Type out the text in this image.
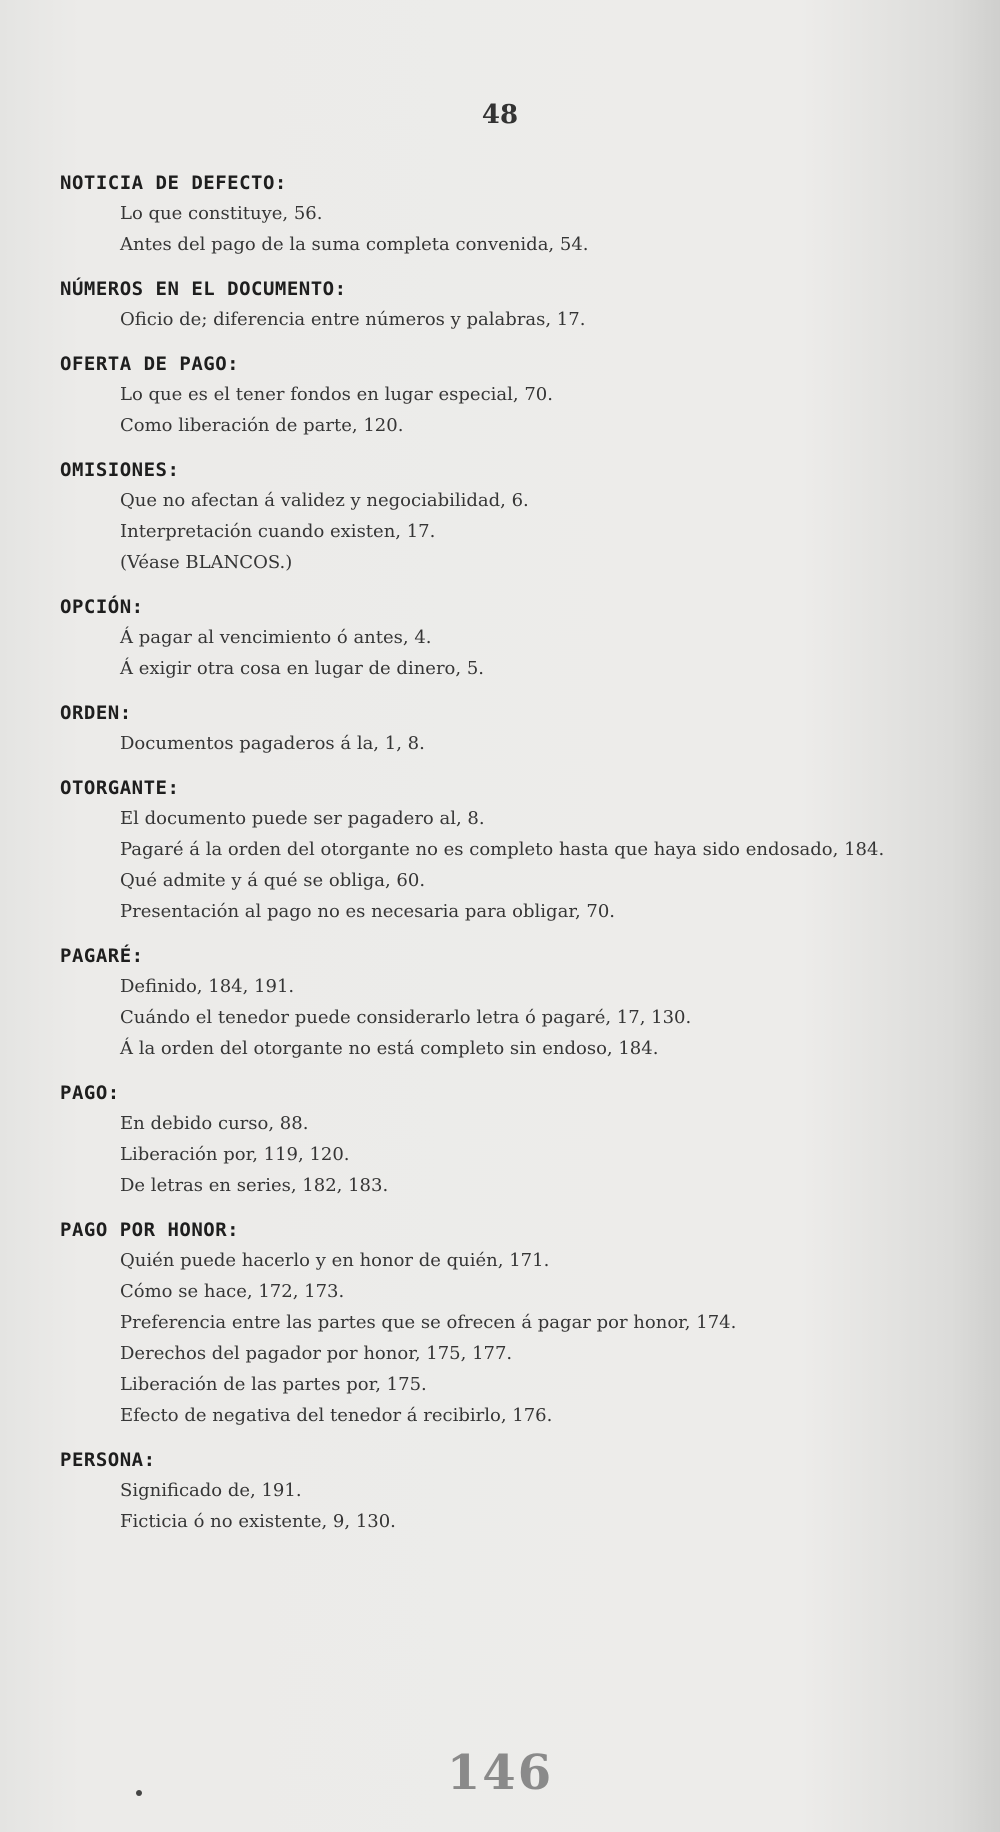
48
NOTICIA DE DEFECTO:
Lo que constituye, 56.
Antes del pago de la suma completa convenida, 54.
NÚMEROS EN EL DOCUMENTO:
Oficio de; diferencia entre números y palabras, 17.
OFERTA DE PAGO:
Lo que es el tener fondos en lugar especial, 70.
Como liberación de parte, 120.
OMISIONES:
Que no afectan á validez y negociabilidad, 6.
Interpretación cuando existen, 17.
(Véase BLANCOS.)
OPCIÓN:
Á pagar al vencimiento ó antes, 4.
Á exigir otra cosa en lugar de dinero, 5.
ORDEN:
Documentos pagaderos á la, 1, 8.
OTORGANTE:
El documento puede ser pagadero al, 8.
Pagaré á la orden del otorgante no es completo hasta que haya sido endosado, 184.
Qué admite y á qué se obliga, 60.
Presentación al pago no es necesaria para obligar, 70.
PAGARÉ:
Definido, 184, 191.
Cuándo el tenedor puede considerarlo letra ó pagaré, 17, 130.
Á la orden del otorgante no está completo sin endoso, 184.
PAGO:
En debido curso, 88.
Liberación por, 119, 120.
De letras en series, 182, 183.
PAGO POR HONOR:
Quién puede hacerlo y en honor de quién, 171.
Cómo se hace, 172, 173.
Preferencia entre las partes que se ofrecen á pagar por honor, 174.
Derechos del pagador por honor, 175, 177.
Liberación de las partes por, 175.
Efecto de negativa del tenedor á recibirlo, 176.
PERSONA:
Significado de, 191.
Ficticia ó no existente, 9, 130.
146
